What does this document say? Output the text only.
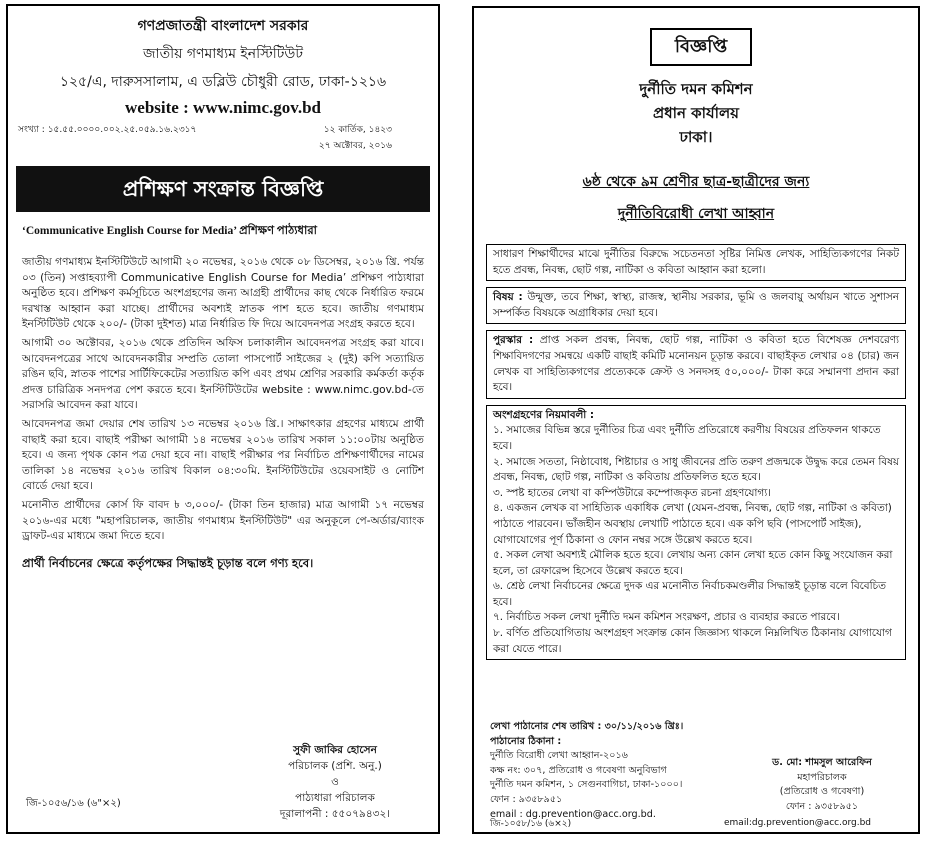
গণপ্রজাতন্ত্রী বাংলাদেশ সরকার
জাতীয় গণমাধ্যম ইনস্টিটিউট
১২৫/এ, দারুসসালাম, এ ডব্লিউ চৌধুরী রোড, ঢাকা-১২১৬
website : www.nimc.gov.bd
সংখ্যা : ১৫.৫৫.০০০০.০০২.২৫.০৫৯.১৬.২৩১৭	১২ কার্তিক, ১৪২৩
২৭ অক্টোবর, ২০১৬
প্রশিক্ষণ সংক্রান্ত বিজ্ঞপ্তি
‘Communicative English Course for Media’ প্রশিক্ষণ পাঠ্যধারা

জাতীয় গণমাধ্যম ইনস্টিটিউটে আগামী ২০ নভেম্বর, ২০১৬ থেকে ০৮ ডিসেম্বর, ২০১৬ খ্রি. পর্যন্ত ০৩ (তিন) সপ্তাহব্যাপী Communicative English Course for Media’ প্রশিক্ষণ পাঠ্যধারা অনুষ্ঠিত হবে। প্রশিক্ষণ কর্মসূচিতে অংশগ্রহণের জন্য আগ্রহী প্রার্থীদের কাছ থেকে নির্ধারিত ফরমে দরখাস্ত আহ্বান করা যাচ্ছে। প্রার্থীদের অবশ্যই স্নাতক পাশ হতে হবে। জাতীয় গণমাধ্যম ইনস্টিটিউট থেকে ২০০/- (টাকা দুইশত) মাত্র নির্ধারিত ফি দিয়ে আবেদনপত্র সংগ্রহ করতে হবে।

আগামী ৩০ অক্টোবর, ২০১৬ থেকে প্রতিদিন অফিস চলাকালীন আবেদনপত্র সংগ্রহ করা যাবে। আবেদনপত্রের সাথে আবেদনকারীর সম্প্রতি তোলা পাসপোর্ট সাইজের ২ (দুই) কপি সত্যায়িত রঙিন ছবি, স্নাতক পাশের সার্টিফিকেটের সত্যায়িত কপি এবং প্রথম শ্রেণির সরকারি কর্মকর্তা কর্তৃক প্রদত্ত চারিত্রিক সনদপত্র পেশ করতে হবে। ইনস্টিটিউটের website : www.nimc.gov.bd-তে সরাসরি আবেদন করা যাবে।

আবেদনপত্র জমা দেয়ার শেষ তারিখ ১৩ নভেম্বর ২০১৬ খ্রি.। সাক্ষাৎকার গ্রহণের মাধ্যমে প্রার্থী বাছাই করা হবে। বাছাই পরীক্ষা আগামী ১৪ নভেম্বর ২০১৬ তারিখ সকাল ১১:০০টায় অনুষ্ঠিত হবে। এ জন্য পৃথক কোন পত্র দেয়া হবে না। বাছাই পরীক্ষার পর নির্বাচিত প্রশিক্ষণার্থীদের নামের তালিকা ১৪ নভেম্বর ২০১৬ তারিখ বিকাল ০৪:৩০মি. ইনস্টিটিউটের ওয়েবসাইট ও নোটিশ বোর্ডে দেয়া হবে।

মনোনীত প্রার্থীদের কোর্স ফি বাবদ ৳ ৩,০০০/- (টাকা তিন হাজার) মাত্র আগামী ১৭ নভেম্বর ২০১৬-এর মধ্যে "মহাপরিচালক, জাতীয় গণমাধ্যম ইনস্টিটিউট" এর অনুকূলে পে-অর্ডার/ব্যাংক ড্রাফট-এর মাধ্যমে জমা দিতে হবে।

প্রার্থী নির্বাচনের ক্ষেত্রে কর্তৃপক্ষের সিদ্ধান্তই চূড়ান্ত বলে গণ্য হবে।
সুফী জাকির হোসেন
পরিচালক (প্রশি. অনু.)
ও
পাঠ্যধারা পরিচালক
দূরালাপনী : ৫৫০৭৯৪৩২।
জি-১০৫৬/১৬ (৬"×২)
বিজ্ঞপ্তি
দুর্নীতি দমন কমিশন
প্রধান কার্যালয়
ঢাকা।
৬ষ্ঠ থেকে ৯ম শ্রেণীর ছাত্র-ছাত্রীদের জন্য
দুর্নীতিবিরোধী লেখা আহ্বান
সাধারণ শিক্ষার্থীদের মাঝে দুর্নীতির বিরুদ্ধে সচেতনতা সৃষ্টির নিমিত্ত লেখক, সাহিত্যিকগণের নিকট হতে প্রবন্ধ, নিবন্ধ, ছোট গল্প, নাটিকা ও কবিতা আহ্বান করা হলো।
বিষয় : উন্মুক্ত, তবে শিক্ষা, স্বাস্থ্য, রাজস্ব, স্থানীয় সরকার, ভূমি ও জলবায়ু অর্থায়ন খাতে সুশাসন সম্পর্কিত বিষয়কে অগ্রাধিকার দেয়া হবে।
পুরস্কার : প্রাপ্ত সকল প্রবন্ধ, নিবন্ধ, ছোট গল্প, নাটিকা ও কবিতা হতে বিশেষজ্ঞ দেশবরেণ্য শিক্ষাবিদগণের সমন্বয়ে একটি বাছাই কমিটি মনোনয়ন চূড়ান্ত করবে। বাছাইকৃত লেখার ০৪ (চার) জন লেখক বা সাহিত্যিকগণের প্রত্যেককে ক্রেস্ট ও সনদসহ ৫০,০০০/- টাকা করে সম্মানণা প্রদান করা হবে।
অংশগ্রহণের নিয়মাবলী :
১. সমাজের বিভিন্ন স্তরে দুর্নীতির চিত্র এবং দুর্নীতি প্রতিরোধে করণীয় বিষয়ের প্রতিফলন থাকতে হবে।
২. সমাজে সততা, নিষ্ঠাবোধ, শিষ্টাচার ও সাধু জীবনের প্রতি তরুণ প্রজন্মকে উদ্বুদ্ধ করে তেমন বিষয় প্রবন্ধ, নিবন্ধ, ছোট গল্প, নাটিকা ও কবিতায় প্রতিফলিত হতে হবে।
৩. স্পষ্ট হাতের লেখা বা কম্পিউটারে কম্পোজকৃত রচনা গ্রহণযোগ্য।
৪. একজন লেখক বা সাহিত্যিক একাধিক লেখা (যেমন-প্রবন্ধ, নিবন্ধ, ছোট গল্প, নাটিকা ও কবিতা) পাঠাতে পারবেন। ভাঁজহীন অবস্থায় লেখাটি পাঠাতে হবে। এক কপি ছবি (পাসপোর্ট সাইজ), যোগাযোগের পূর্ণ ঠিকানা ও ফোন নম্বর সঙ্গে উল্লেখ করতে হবে।
৫. সকল লেখা অবশ্যই মৌলিক হতে হবে। লেখায় অন্য কোন লেখা হতে কোন কিছু সংযোজন করা হলে, তা রেফারেন্স হিসেবে উল্লেখ করতে হবে।
৬. শ্রেষ্ঠ লেখা নির্বাচনের ক্ষেত্রে দুদক এর মনোনীত নির্বাচকমণ্ডলীর সিদ্ধান্তই চূড়ান্ত বলে বিবেচিত হবে।
৭. নির্বাচিত সকল লেখা দুর্নীতি দমন কমিশন সংরক্ষণ, প্রচার ও ব্যবহার করতে পারবে।
৮. বর্ণিত প্রতিযোগিতায় অংশগ্রহণ সংক্রান্ত কোন জিজ্ঞাস্য থাকলে নিম্নলিখিত ঠিকানায় যোগাযোগ করা যেতে পারে।
লেখা পাঠানোর শেষ তারিখ : ৩০/১১/২০১৬ খ্রিঃ।
পাঠানোর ঠিকানা :
দুর্নীতি বিরোধী লেখা আহ্বান-২০১৬
কক্ষ নং: ৩০৭, প্রতিরোধ ও গবেষণা অনুবিভাগ
দুর্নীতি দমন কমিশন, ১ সেগুনবাগিচা, ঢাকা-১০০০।
ফোন : ৯৩৫৮৯৫১
email : dg.prevention@acc.org.bd.
ড. মো: শামসুল আরেফিন
মহাপরিচালক
(প্রতিরোধ ও গবেষণা)
ফোন : ৯৩৫৮৯৫১
জি-১০৫৮/১৬ (৬×২)	email:dg.prevention@acc.org.bd
